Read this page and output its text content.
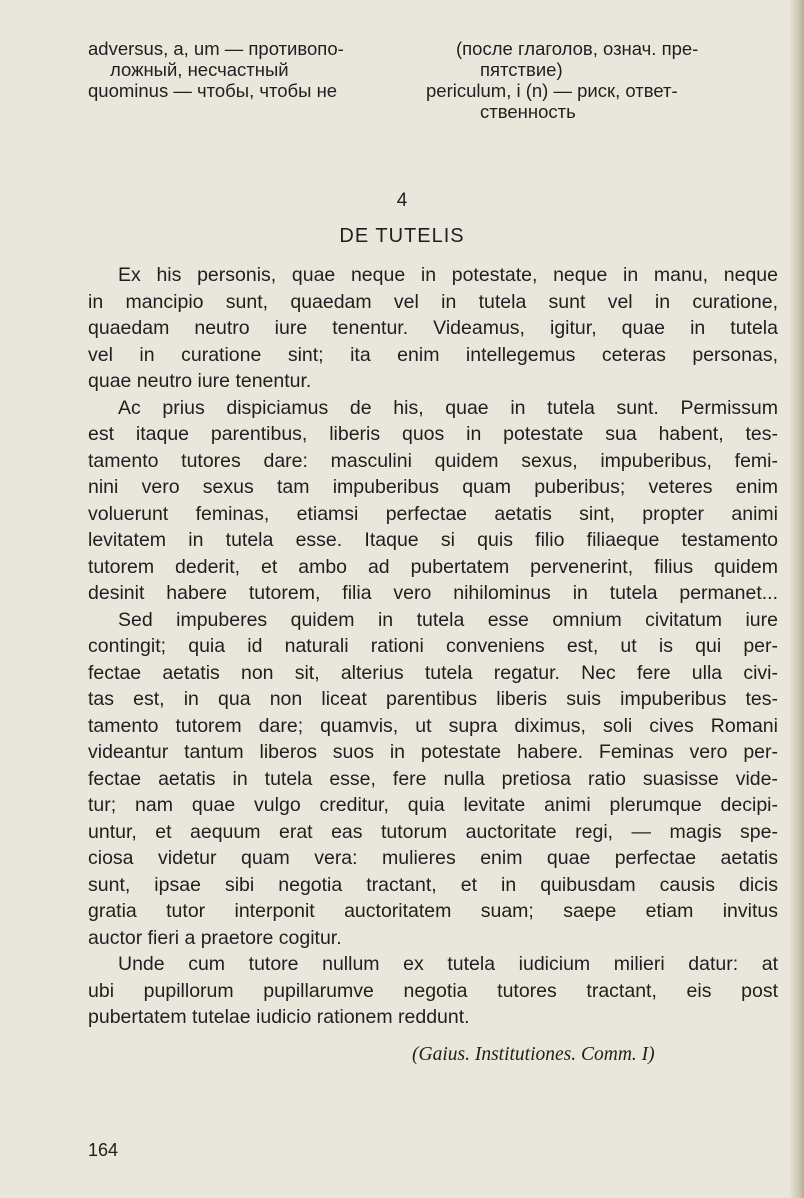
adversus, a, um — противопо-
ложный, несчастный
quominus — чтобы, чтобы не
(после глаголов, означ. пре-
пятствие)
periculum, i (n) — риск, ответ-
ственность
4
DE TUTELIS
Ex his personis, quae neque in potestate, neque in manu, neque
in mancipio sunt, quaedam vel in tutela sunt vel in curatione,
quaedam neutro iure tenentur. Videamus, igitur, quae in tutela
vel in curatione sint; ita enim intellegemus ceteras personas,
quae neutro iure tenentur.
Ac prius dispiciamus de his, quae in tutela sunt. Permissum
est itaque parentibus, liberis quos in potestate sua habent, tes-
tamento tutores dare: masculini quidem sexus, impuberibus, femi-
nini vero sexus tam impuberibus quam puberibus; veteres enim
voluerunt feminas, etiamsi perfectae aetatis sint, propter animi
levitatem in tutela esse. Itaque si quis filio filiaeque testamento
tutorem dederit, et ambo ad pubertatem pervenerint, filius quidem
desinit habere tutorem, filia vero nihilominus in tutela permanet...
Sed impuberes quidem in tutela esse omnium civitatum iure
contingit; quia id naturali rationi conveniens est, ut is qui per-
fectae aetatis non sit, alterius tutela regatur. Nec fere ulla civi-
tas est, in qua non liceat parentibus liberis suis impuberibus tes-
tamento tutorem dare; quamvis, ut supra diximus, soli cives Romani
videantur tantum liberos suos in potestate habere. Feminas vero per-
fectae aetatis in tutela esse, fere nulla pretiosa ratio suasisse vide-
tur; nam quae vulgo creditur, quia levitate animi plerumque decipi-
untur, et aequum erat eas tutorum auctoritate regi, — magis spe-
ciosa videtur quam vera: mulieres enim quae perfectae aetatis
sunt, ipsae sibi negotia tractant, et in quibusdam causis dicis
gratia tutor interponit auctoritatem suam; saepe etiam invitus
auctor fieri a praetore cogitur.
Unde cum tutore nullum ex tutela iudicium milieri datur: at
ubi pupillorum pupillarumve negotia tutores tractant, eis post
pubertatem tutelae iudicio rationem reddunt.
(Gaius. Institutiones. Comm. I)
164
